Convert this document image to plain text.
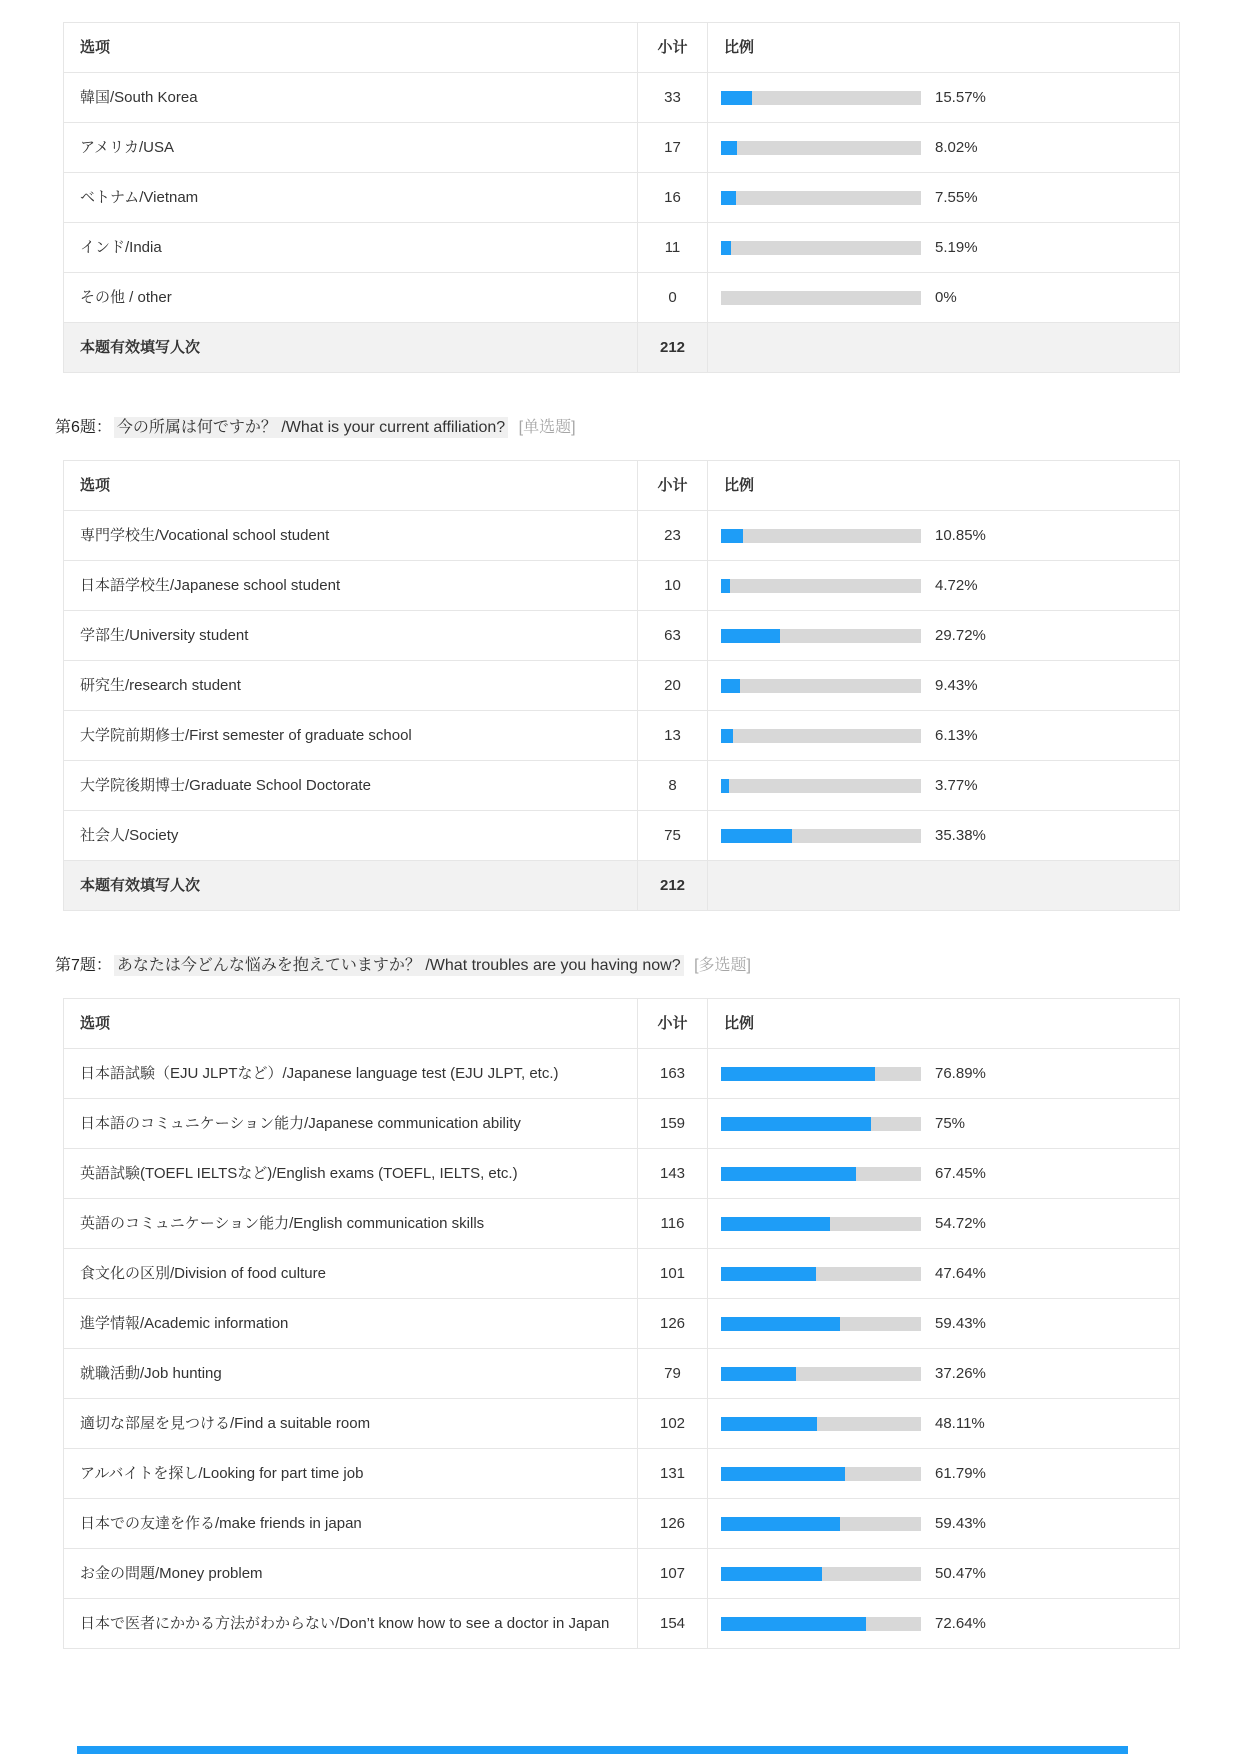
选项	小计	比例
韓国/South Korea	33	15.57%

アメリカ/USA	17	8.02%

ベトナム/Vietnam	16	7.55%

インド/India	11	5.19%

その他 / other	0	0%

本题有效填写人次	212	
第6题： 今の所属は何ですか？ /What is your current affiliation? [单选题]
选项	小计	比例
専門学校生/Vocational school student	23	10.85%

日本語学校生/Japanese school student	10	4.72%

学部生/University student	63	29.72%

研究生/research student	20	9.43%

大学院前期修士/First semester of graduate school	13	6.13%

大学院後期博士/Graduate School Doctorate	8	3.77%

社会人/Society	75	35.38%

本题有效填写人次	212	
第7题： あなたは今どんな悩みを抱えていますか？ /What troubles are you having now? [多选题]
选项	小计	比例
日本語試験（EJU JLPTなど）/Japanese language test (EJU JLPT, etc.)	163	76.89%

日本語のコミュニケーション能力/Japanese communication ability	159	75%

英語試験(TOEFL IELTSなど)/English exams (TOEFL, IELTS, etc.)	143	67.45%

英語のコミュニケーション能力/English communication skills	116	54.72%

食文化の区別/Division of food culture	101	47.64%

進学情報/Academic information	126	59.43%

就職活動/Job hunting	79	37.26%

適切な部屋を見つける/Find a suitable room	102	48.11%

アルバイトを探し/Looking for part time job	131	61.79%

日本での友達を作る/make friends in japan	126	59.43%

お金の問題/Money problem	107	50.47%

日本で医者にかかる方法がわからない/Don’t know how to see a doctor in Japan	154	72.64%
